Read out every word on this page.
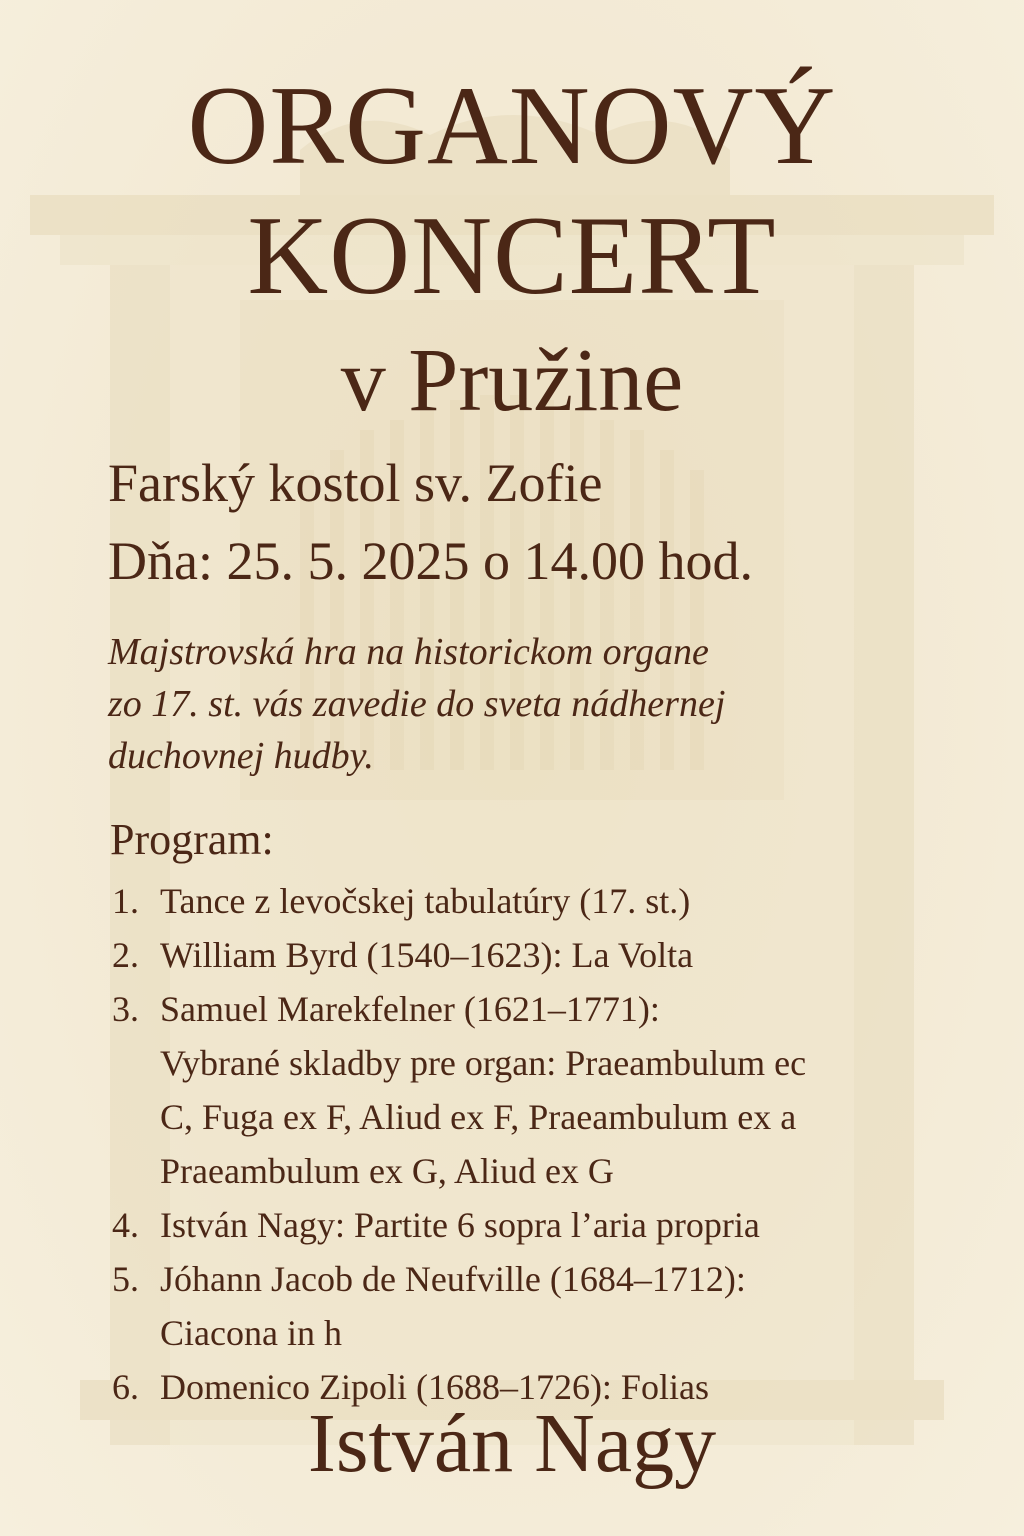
ORGANOVÝ
KONCERT
v Pružine
Farský kostol sv. Zofie
Dňa: 25. 5. 2025 o 14.00 hod.
Majstrovská hra na historickom organe
zo 17. st. vás zavedie do sveta nádhernej
duchovnej hudby.
Program:
1. Tance z levočskej tabulatúry (17. st.)
2. William Byrd (1540–1623): La Volta
3. Samuel Marekfelner (1621–1771):
Vybrané skladby pre organ: Praeambulum ec
C, Fuga ex F, Aliud ex F, Praeambulum ex a
Praeambulum ex G, Aliud ex G
4. István Nagy: Partite 6 sopra l’aria propria
5. Jóhann Jacob de Neufville (1684–1712):
Ciacona in h
6. Domenico Zipoli (1688–1726): Folias
István Nagy
